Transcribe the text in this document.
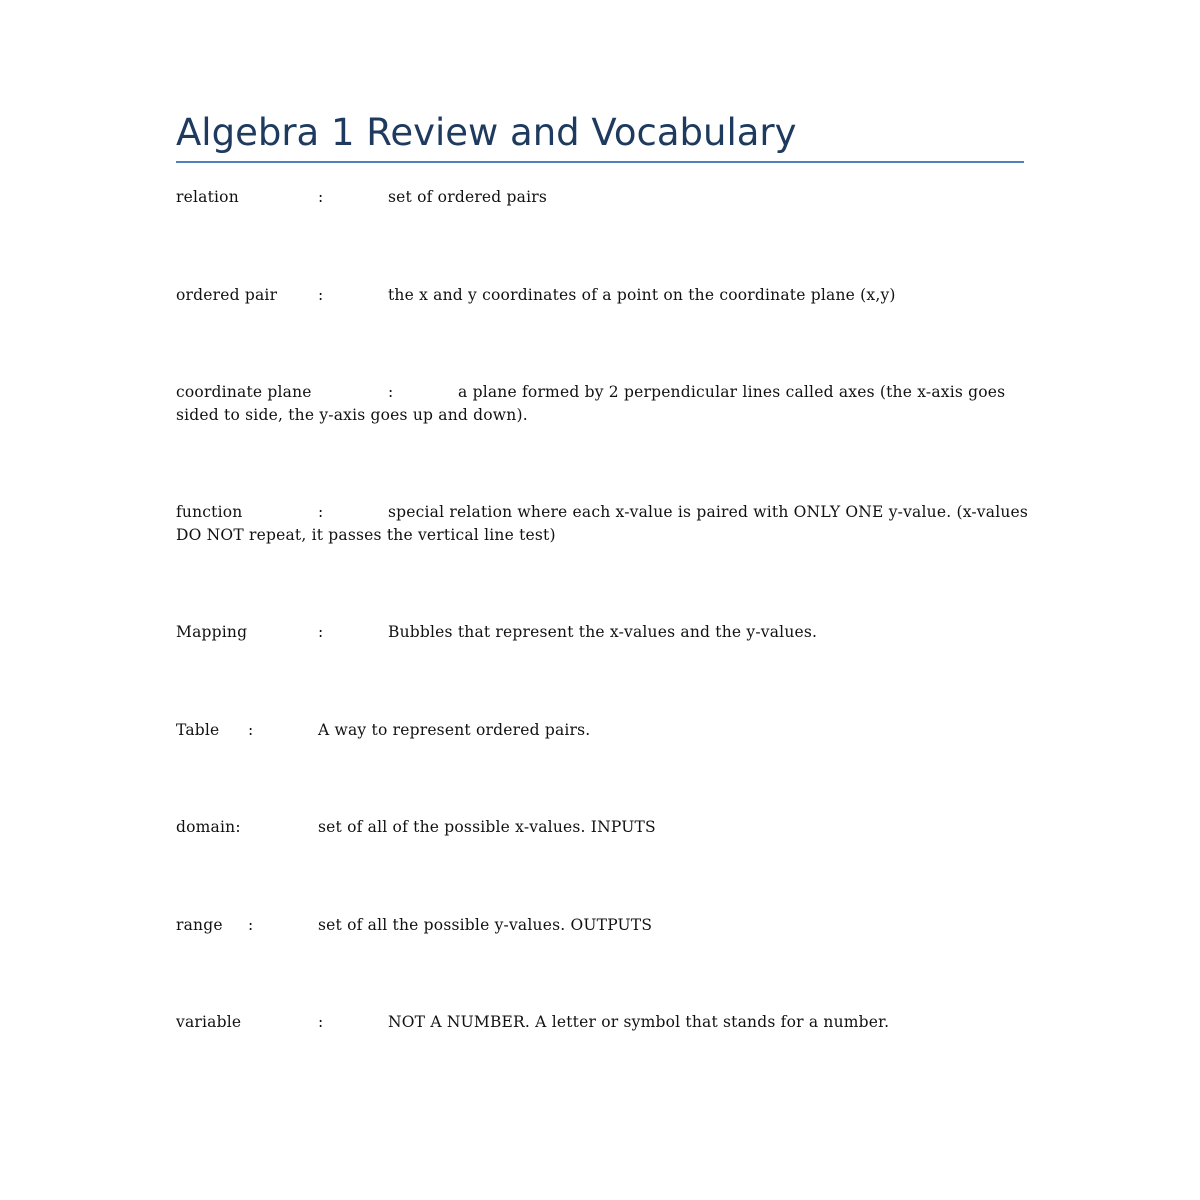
Algebra 1 Review and Vocabulary

relation	:	set of ordered pairs

ordered pair	:	the x and y coordinates of a point on the coordinate plane (x,y)

coordinate plane	:	a plane formed by 2 perpendicular lines called axes (the x-axis goes sided to side, the y-axis goes up and down).

function	:	special relation where each x-value is paired with ONLY ONE y-value. (x-values DO NOT repeat, it passes the vertical line test)

Mapping	:	Bubbles that represent the x-values and the y-values.

Table :	A way to represent ordered pairs.

domain:	set of all of the possible x-values. INPUTS

range :	set of all the possible y-values. OUTPUTS

variable	:	NOT A NUMBER. A letter or symbol that stands for a number.
